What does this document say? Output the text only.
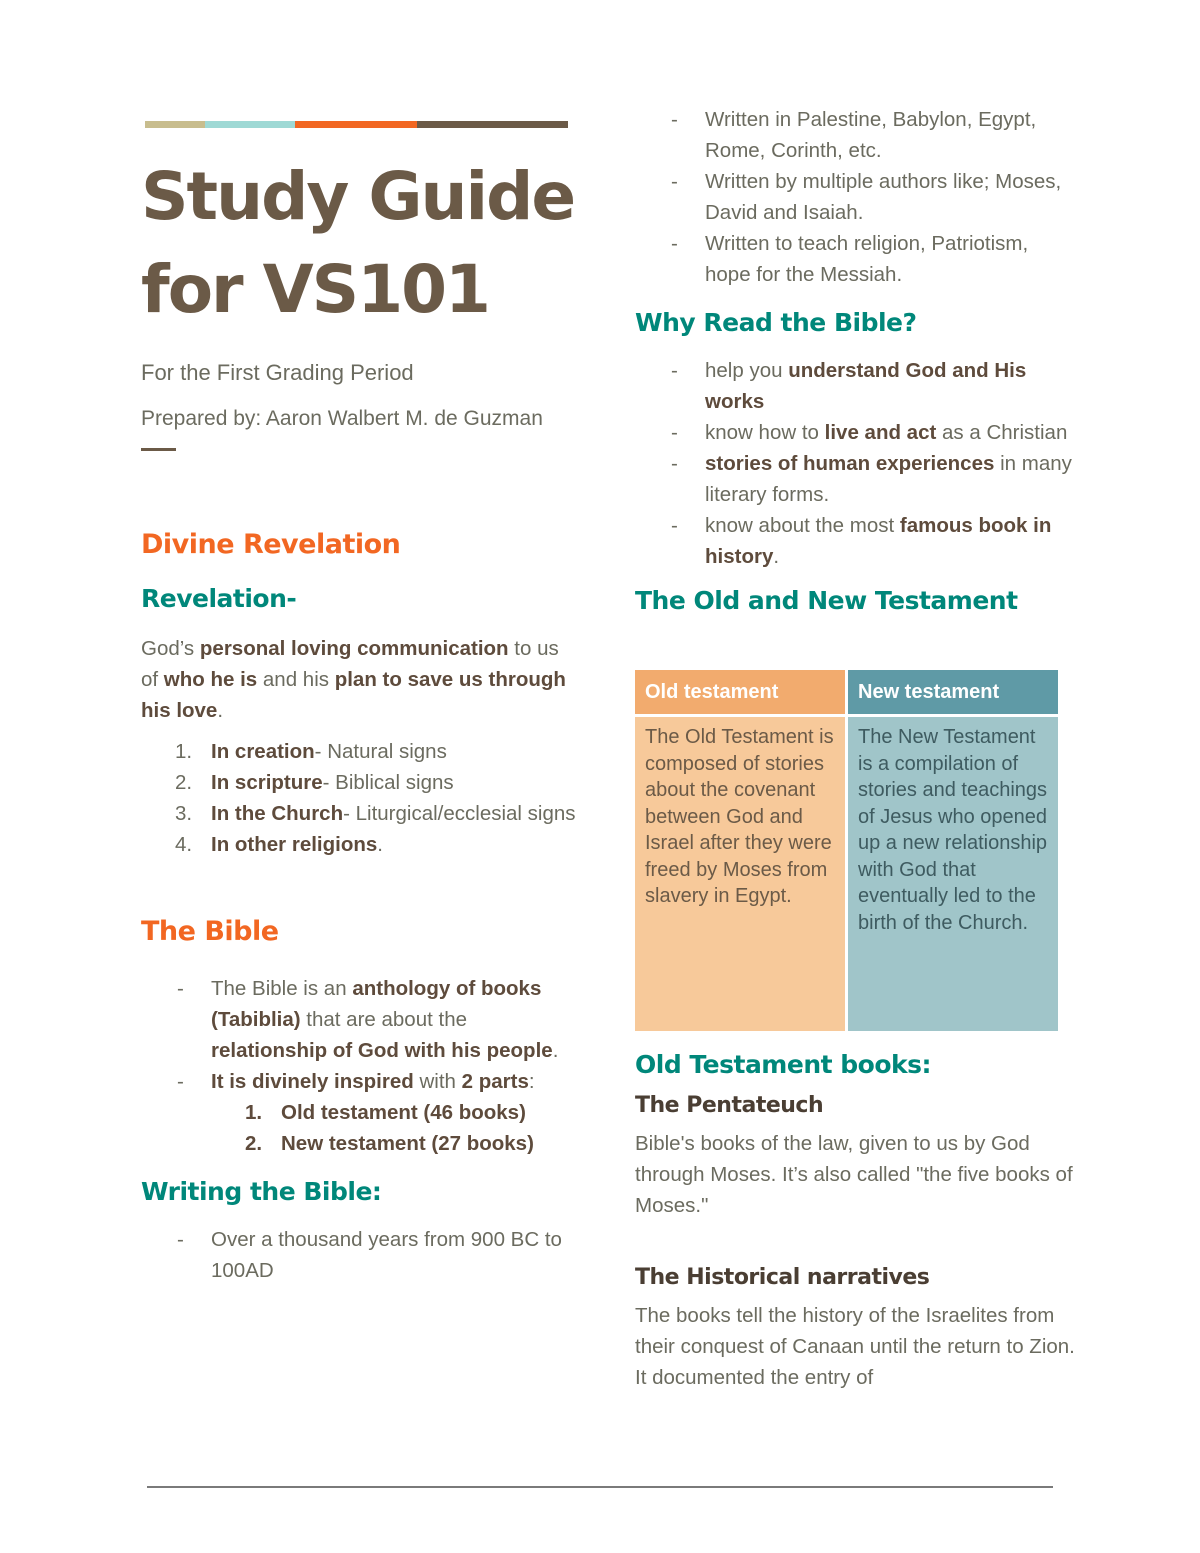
Study Guide
for VS101
For the First Grading Period
Prepared by: Aaron Walbert M. de Guzman
Divine Revelation
Revelation-

God’s personal loving communication to us of who he is and his plan to save us through his love.

1. In creation- Natural signs
2. In scripture- Biblical signs
3. In the Church- Liturgical/ecclesial signs
4. In other religions.
The Bible
- The Bible is an anthology of books (Tabiblia) that are about the relationship of God with his people.
- It is divinely inspired with 2 parts:
1. Old testament (46 books)
2. New testament (27 books)
Writing the Bible:
- Over a thousand years from 900 BC to 100AD
- Written in Palestine, Babylon, Egypt, Rome, Corinth, etc.
- Written by multiple authors like; Moses, David and Isaiah.
- Written to teach religion, Patriotism, hope for the Messiah.
Why Read the Bible?
- help you understand God and His works
- know how to live and act as a Christian
- stories of human experiences in many literary forms.
- know about the most famous book in history.
The Old and New Testament
Old testament	New testament
The Old Testament is composed of stories about the covenant between God and Israel after they were freed by Moses from slavery in Egypt.	The New Testament is a compilation of stories and teachings of Jesus who opened up a new relationship with God that eventually led to the birth of the Church.
Old Testament books:
The Pentateuch

Bible's books of the law, given to us by God through Moses. It’s also called "the five books of Moses."

The Historical narratives

The books tell the history of the Israelites from their conquest of Canaan until the return to Zion. It documented the entry of
